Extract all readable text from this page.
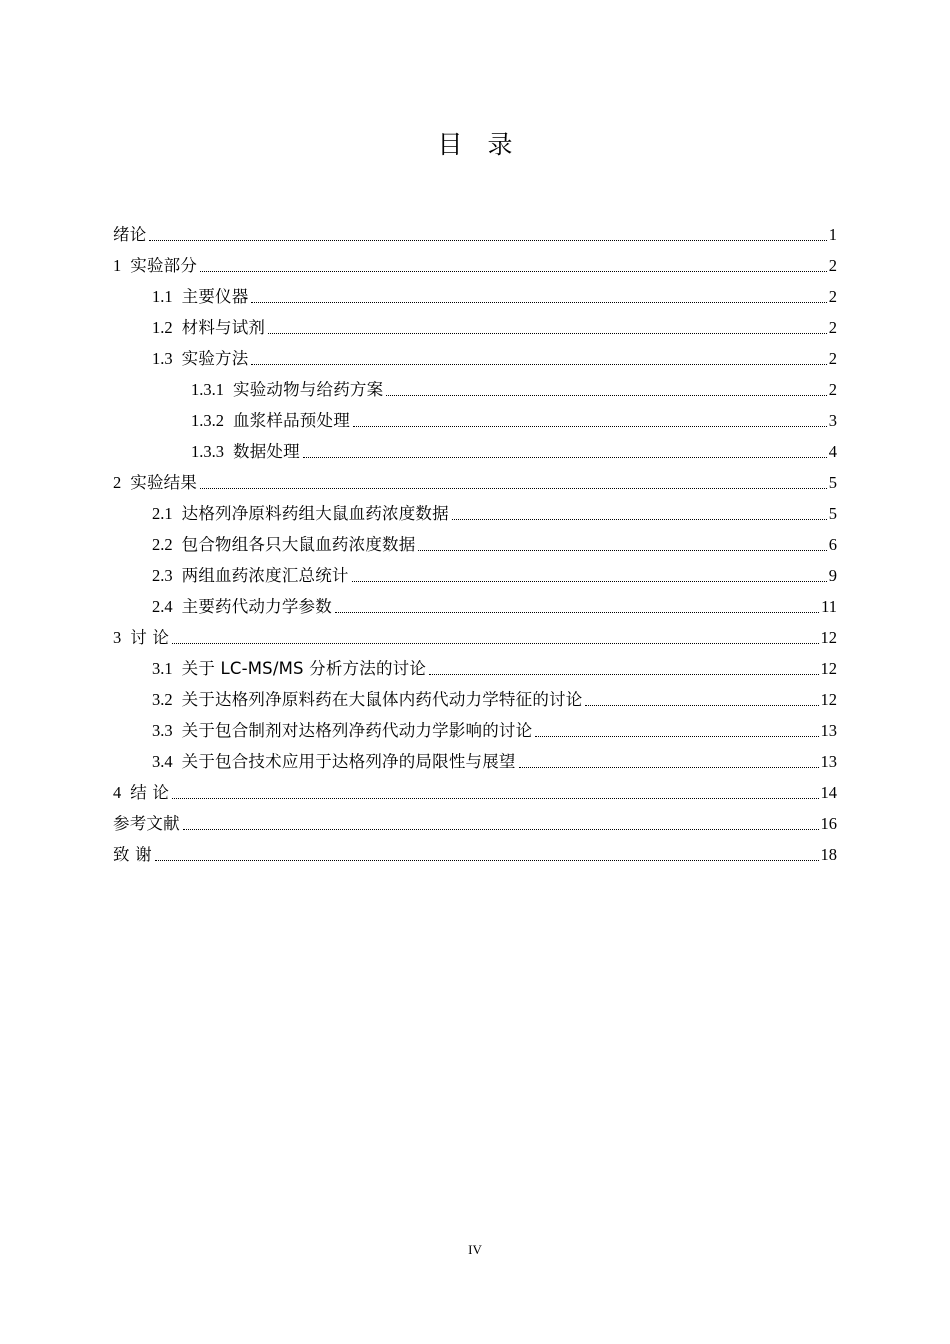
目　录
绪论	1
1 实验部分	2
1.1 主要仪器	2
1.2 材料与试剂	2
1.3 实验方法	2
1.3.1 实验动物与给药方案	2
1.3.2 血浆样品预处理	3
1.3.3 数据处理	4
2 实验结果	5
2.1 达格列净原料药组大鼠血药浓度数据	5
2.2 包合物组各只大鼠血药浓度数据	6
2.3 两组血药浓度汇总统计	9
2.4 主要药代动力学参数	11
3 讨 论	12
3.1 关于 LC-MS/MS 分析方法的讨论	12
3.2 关于达格列净原料药在大鼠体内药代动力学特征的讨论	12
3.3 关于包合制剂对达格列净药代动力学影响的讨论	13
3.4 关于包合技术应用于达格列净的局限性与展望	13
4 结 论	14
参考文献	16
致 谢	18
IV
